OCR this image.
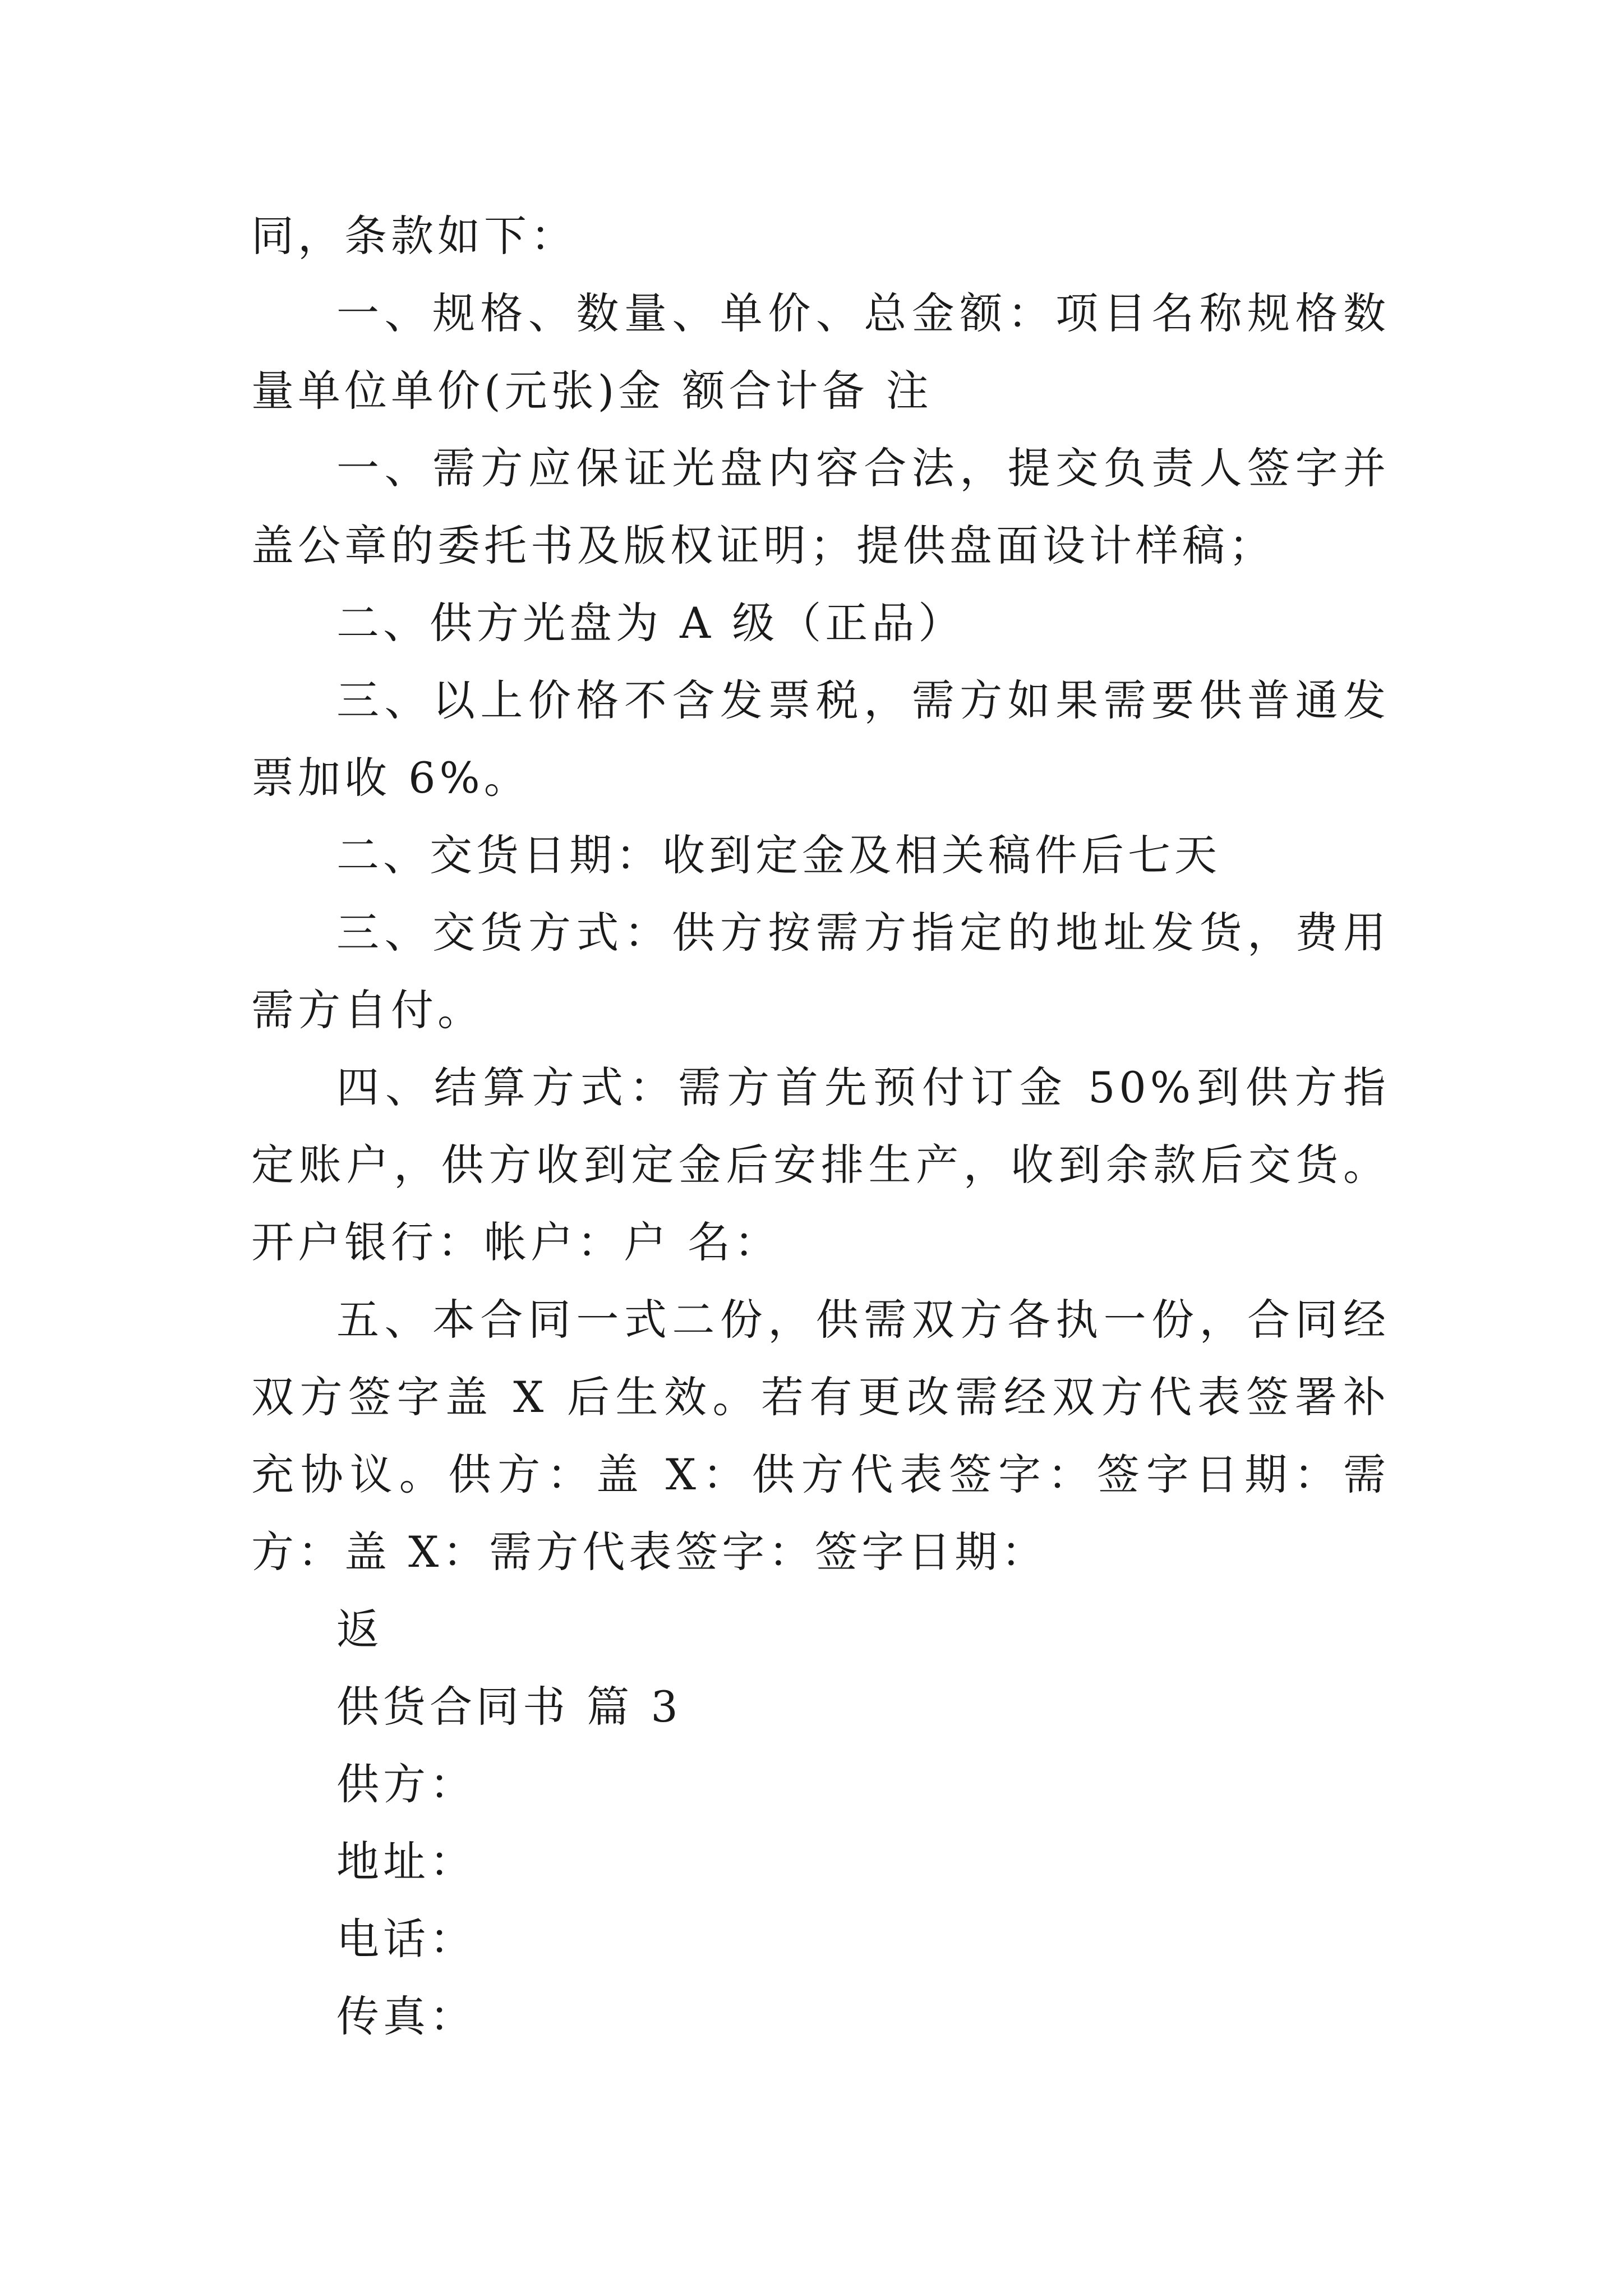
同，条款如下：

一、规格、数量、单价、总金额：项目名称规格数量单位单价(元张)金 额合计备 注

一、需方应保证光盘内容合法，提交负责人签字并盖公章的委托书及版权证明；提供盘面设计样稿；

二、供方光盘为 A 级（正品）

三、以上价格不含发票税，需方如果需要供普通发票加收 6%。

二、交货日期：收到定金及相关稿件后七天

三、交货方式：供方按需方指定的地址发货，费用需方自付。

四、结算方式：需方首先预付订金 50%到供方指定账户，供方收到定金后安排生产，收到余款后交货。开户银行：帐户：户 名：

五、本合同一式二份，供需双方各执一份，合同经双方签字盖 X 后生效。若有更改需经双方代表签署补充协议。供方：盖 X：供方代表签字：签字日期：需方：盖 X：需方代表签字：签字日期：

返

供货合同书 篇 3

供方：

地址：

电话：

传真：
